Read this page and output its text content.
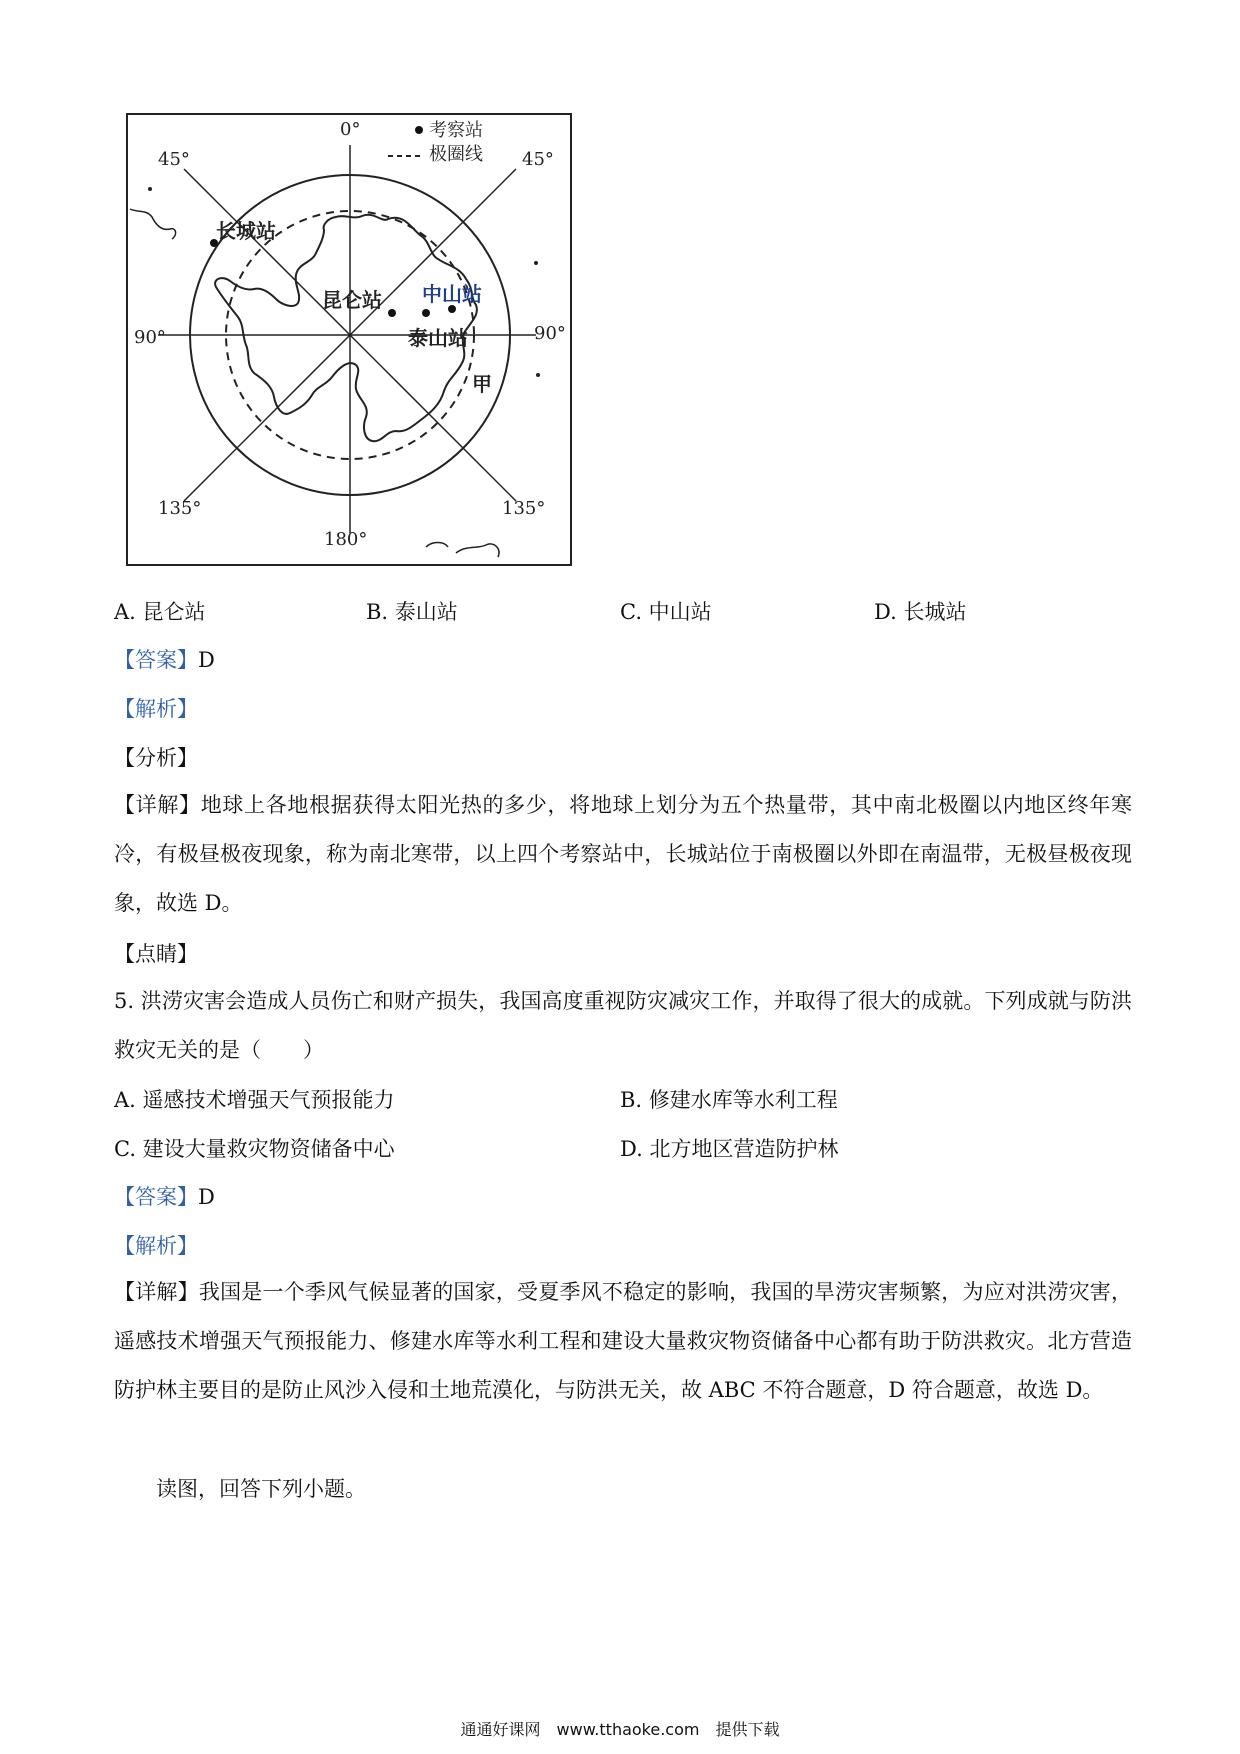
考察站
极圈线
0°
45°	45°
90°	90°
135°	135°
180°
长城站
昆仑站 中山站
泰山站
甲
A. 昆仑站	B. 泰山站	C. 中山站	D. 长城站
【答案】D
【解析】
【分析】
【详解】地球上各地根据获得太阳光热的多少，将地球上划分为五个热量带，其中南北极圈以内地区终年寒冷，有极昼极夜现象，称为南北寒带，以上四个考察站中，长城站位于南极圈以外即在南温带，无极昼极夜现象，故选 D。
【点睛】
5. 洪涝灾害会造成人员伤亡和财产损失，我国高度重视防灾减灾工作，并取得了很大的成就。下列成就与防洪救灾无关的是（　　）
A. 遥感技术增强天气预报能力	B. 修建水库等水利工程
C. 建设大量救灾物资储备中心	D. 北方地区营造防护林
【答案】D
【解析】
【详解】我国是一个季风气候显著的国家，受夏季风不稳定的影响，我国的旱涝灾害频繁，为应对洪涝灾害，遥感技术增强天气预报能力、修建水库等水利工程和建设大量救灾物资储备中心都有助于防洪救灾。北方营造防护林主要目的是防止风沙入侵和土地荒漠化，与防洪无关，故 ABC 不符合题意，D 符合题意，故选 D。
读图，回答下列小题。
通通好课网　www.tthaoke.com　提供下载
